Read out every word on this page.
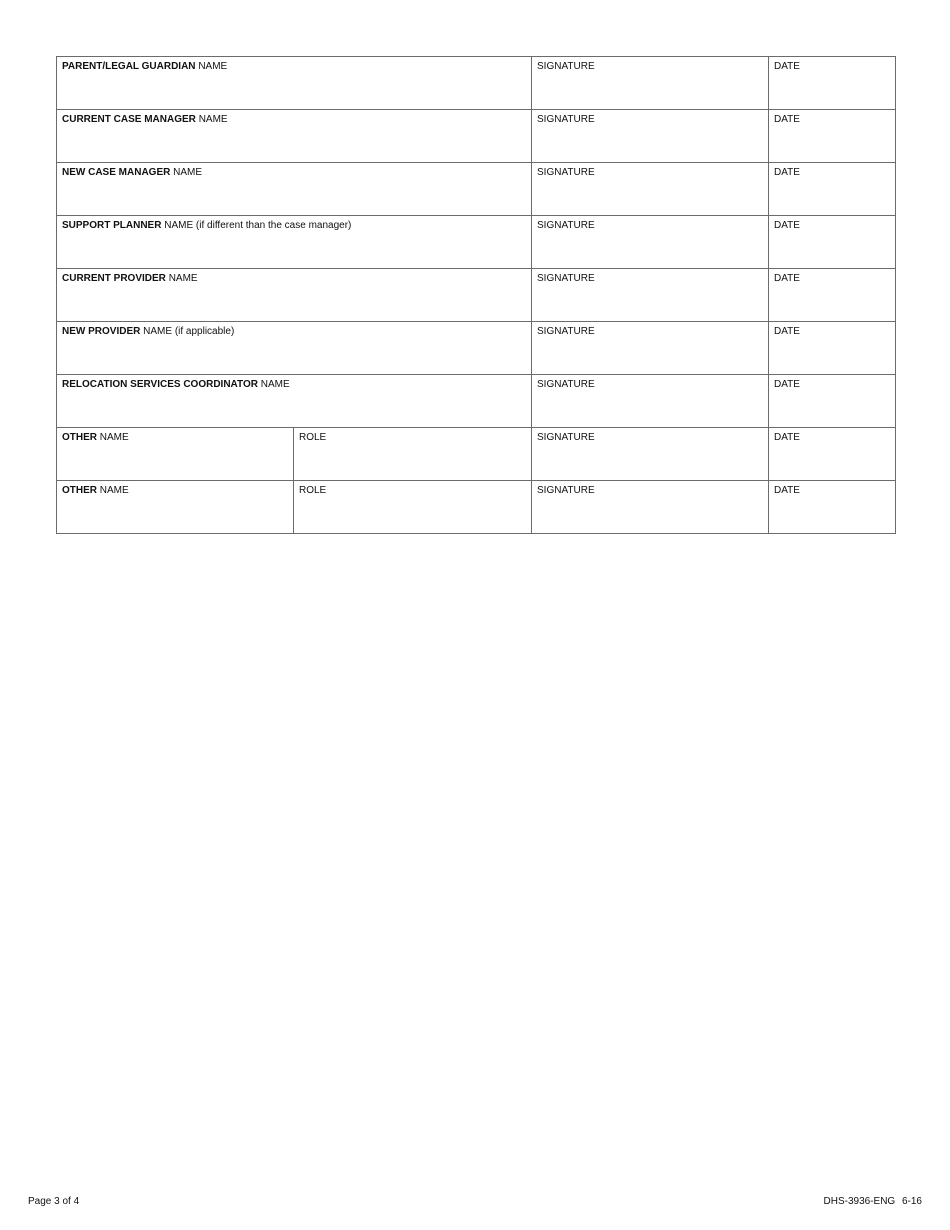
PARENT/LEGAL GUARDIAN NAME		SIGNATURE	DATE
CURRENT CASE MANAGER NAME		SIGNATURE	DATE
NEW CASE MANAGER NAME		SIGNATURE	DATE
SUPPORT PLANNER NAME (if different than the case manager)		SIGNATURE	DATE
CURRENT PROVIDER NAME		SIGNATURE	DATE
NEW PROVIDER NAME (if applicable)		SIGNATURE	DATE
RELOCATION SERVICES COORDINATOR NAME		SIGNATURE	DATE
OTHER NAME	ROLE	SIGNATURE	DATE
OTHER NAME	ROLE	SIGNATURE	DATE
Page 3 of 4	DHS-3936-ENG 6-16
